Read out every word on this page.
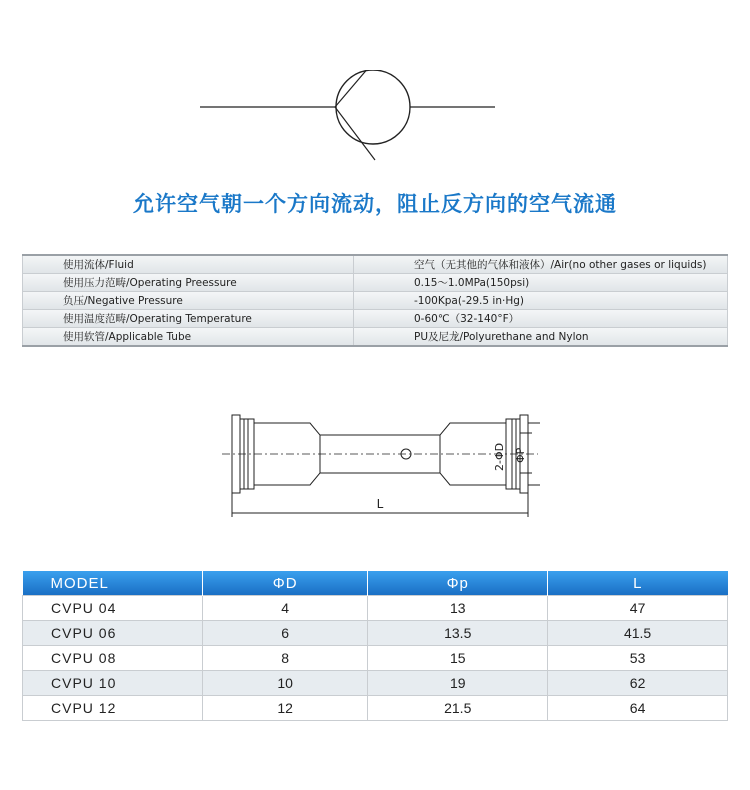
允许空气朝一个方向流动，阻止反方向的空气流通
使用流体/Fluid	空气（无其他的气体和液体）/Air(no other gases or liquids)
使用压力范畴/Operating Preessure	0.15～1.0MPa(150psi)
负压/Negative Pressure	-100Kpa(-29.5 in·Hg)
使用温度范畴/Operating Temperature	0-60℃（32-140°F）
使用软管/Applicable Tube	PU及尼龙/Polyurethane and Nylon
L
2-ΦD ΦP
MODEL	ΦD	Φp	L
CVPU 04	4	13	47
CVPU 06	6	13.5	41.5
CVPU 08	8	15	53
CVPU 10	10	19	62
CVPU 12	12	21.5	64
